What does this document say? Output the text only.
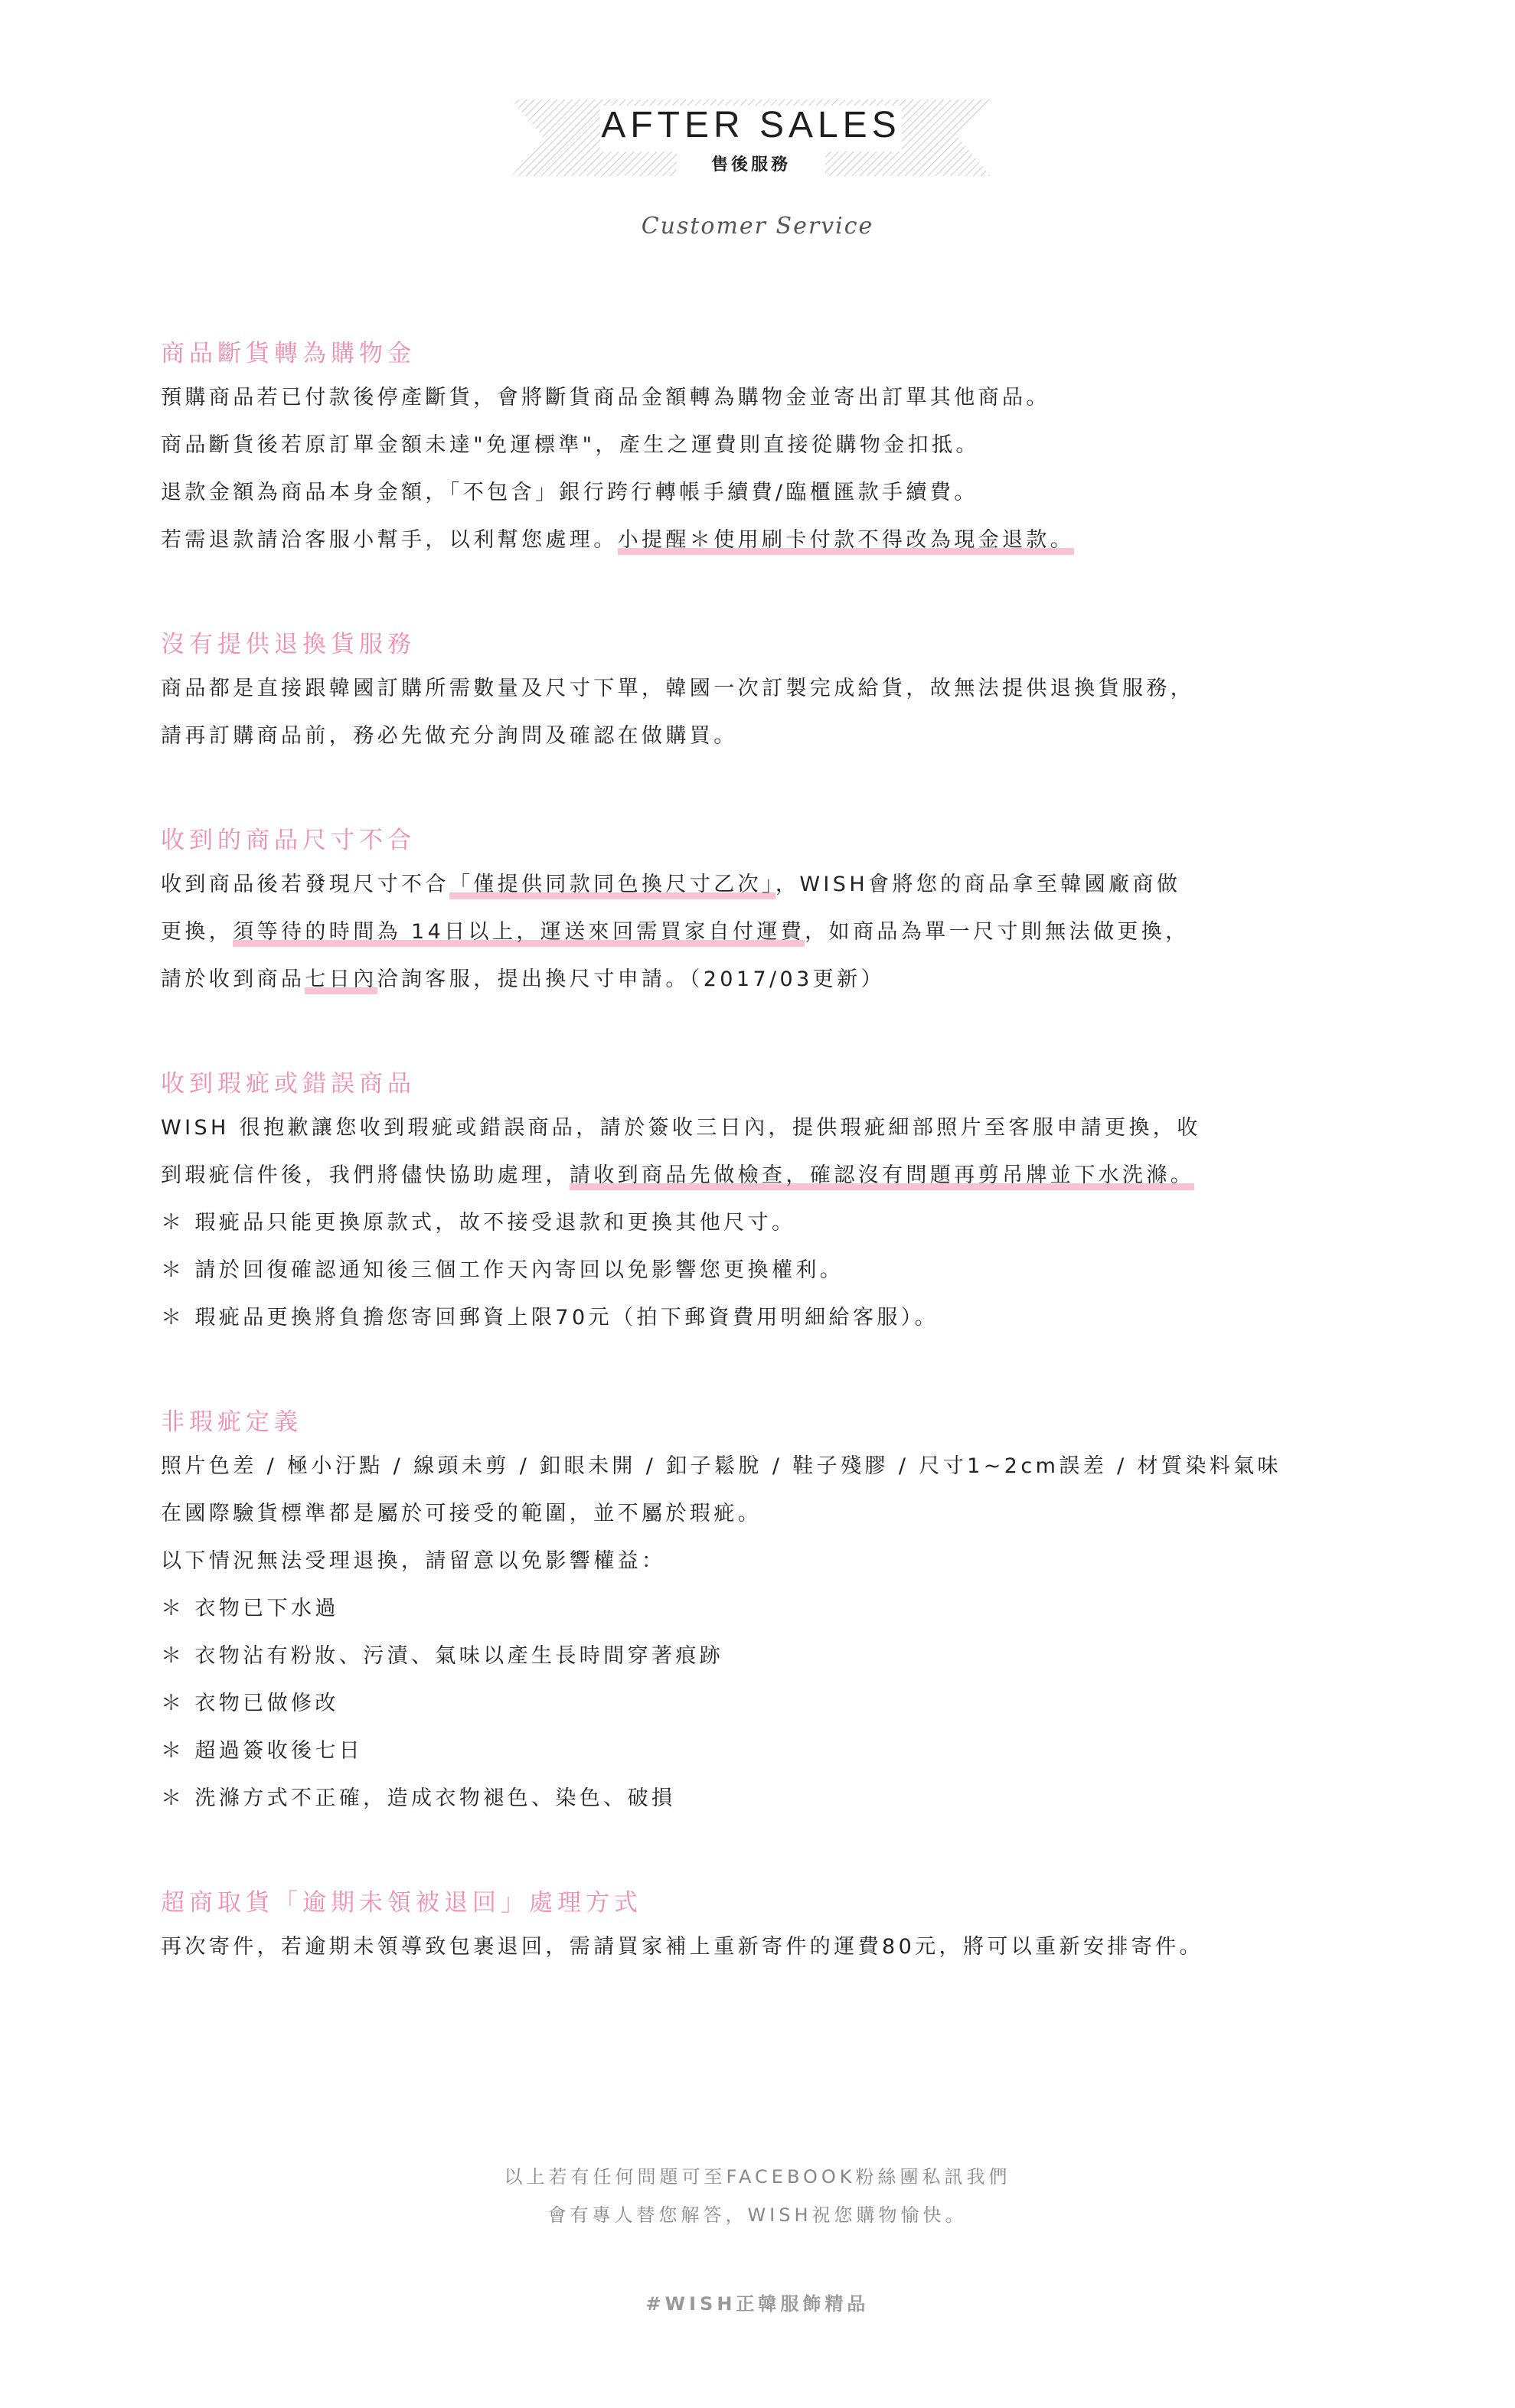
AFTER SALES
售後服務
Customer Service
商品斷貨轉為購物金
預購商品若已付款後停產斷貨，會將斷貨商品金額轉為購物金並寄出訂單其他商品。
商品斷貨後若原訂單金額未達"免運標準"，產生之運費則直接從購物金扣抵。
退款金額為商品本身金額，「不包含」銀行跨行轉帳手續費/臨櫃匯款手續費。
若需退款請洽客服小幫手，以利幫您處理。小提醒＊使用刷卡付款不得改為現金退款。
沒有提供退換貨服務
商品都是直接跟韓國訂購所需數量及尺寸下單，韓國一次訂製完成給貨，故無法提供退換貨服務，
請再訂購商品前，務必先做充分詢問及確認在做購買。
收到的商品尺寸不合
收到商品後若發現尺寸不合「僅提供同款同色換尺寸乙次」，WISH會將您的商品拿至韓國廠商做
更換，須等待的時間為 14日以上，運送來回需買家自付運費，如商品為單一尺寸則無法做更換，
請於收到商品七日內洽詢客服，提出換尺寸申請。（2017/03更新）
收到瑕疵或錯誤商品
WISH 很抱歉讓您收到瑕疵或錯誤商品，請於簽收三日內，提供瑕疵細部照片至客服申請更換，收
到瑕疵信件後，我們將儘快協助處理，請收到商品先做檢查，確認沒有問題再剪吊牌並下水洗滌。
＊ 瑕疵品只能更換原款式，故不接受退款和更換其他尺寸。
＊ 請於回復確認通知後三個工作天內寄回以免影響您更換權利。
＊ 瑕疵品更換將負擔您寄回郵資上限70元（拍下郵資費用明細給客服）。
非瑕疵定義
照片色差 / 極小汙點 / 線頭未剪 / 釦眼未開 / 釦子鬆脫 / 鞋子殘膠 / 尺寸1~2cm誤差 / 材質染料氣味
在國際驗貨標準都是屬於可接受的範圍，並不屬於瑕疵。
以下情況無法受理退換，請留意以免影響權益：
＊ 衣物已下水過
＊ 衣物沾有粉妝、污漬、氣味以產生長時間穿著痕跡
＊ 衣物已做修改
＊ 超過簽收後七日
＊ 洗滌方式不正確，造成衣物褪色、染色、破損
超商取貨「逾期未領被退回」處理方式
再次寄件，若逾期未領導致包裹退回，需請買家補上重新寄件的運費80元，將可以重新安排寄件。
以上若有任何問題可至FACEBOOK粉絲團私訊我們
會有專人替您解答，WISH祝您購物愉快。
#WISH正韓服飾精品
